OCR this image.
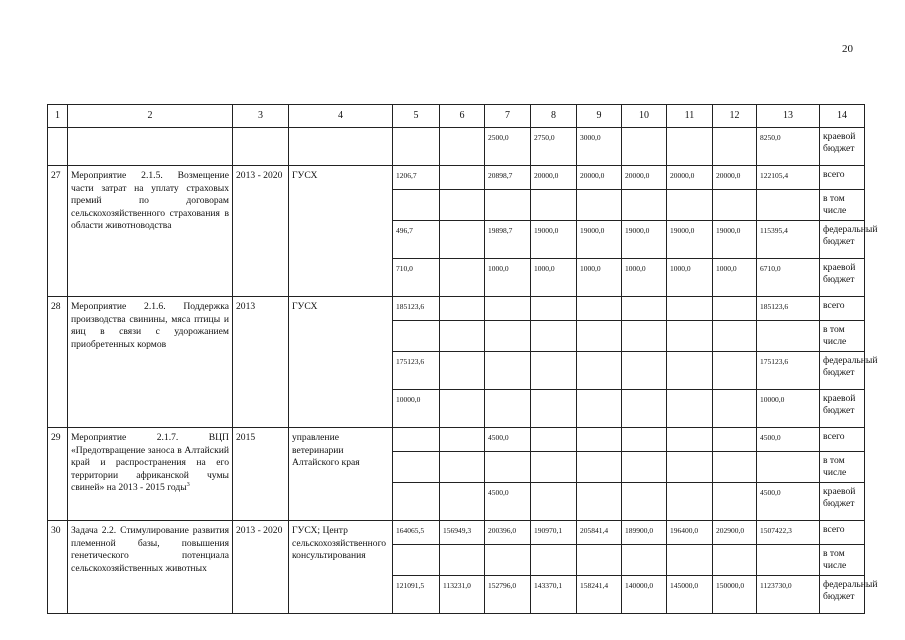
20
1	2	3	4	5	6	7	8	9	10	11	12	13	14
						2500,0	2750,0	3000,0				8250,0	краевой бюджет
27	Мероприятие 2.1.5. Возмещение части затрат на уплату страховых премий по договорам сельскохозяйственного страхования в области животноводства	2013 - 2020	ГУСХ	1206,7		20898,7	20000,0	20000,0	20000,0	20000,0	20000,0	122105,4	всего
													в том числе
				496,7		19898,7	19000,0	19000,0	19000,0	19000,0	19000,0	115395,4	федеральный бюджет
				710,0		1000,0	1000,0	1000,0	1000,0	1000,0	1000,0	6710,0	краевой бюджет
28	Мероприятие 2.1.6. Поддержка производства свинины, мяса птицы и яиц в связи с удорожанием приобретенных кормов	2013	ГУСХ	185123,6								185123,6	всего
													в том числе
				175123,6								175123,6	федеральный бюджет
				10000,0								10000,0	краевой бюджет
29	Мероприятие 2.1.7. ВЦП «Предотвращение заноса в Алтайский край и распространения на его территории африканской чумы свиней» на 2013 - 2015 годы$^3$	2015	управление ветеринарии Алтайского края			4500,0						4500,0	всего
													в том числе
						4500,0						4500,0	краевой бюджет
30	Задача 2.2. Стимулирование развития племенной базы, повышения генетического потенциала сельскохозяйственных животных	2013 - 2020	ГУСХ; Центр сельскохозяйственного консультирования	164065,5	156949,3	200396,0	190970,1	205841,4	189900,0	196400,0	202900,0	1507422,3	всего
													в том числе
				121091,5	113231,0	152796,0	143370,1	158241,4	140000,0	145000,0	150000,0	1123730,0	федеральный бюджет
